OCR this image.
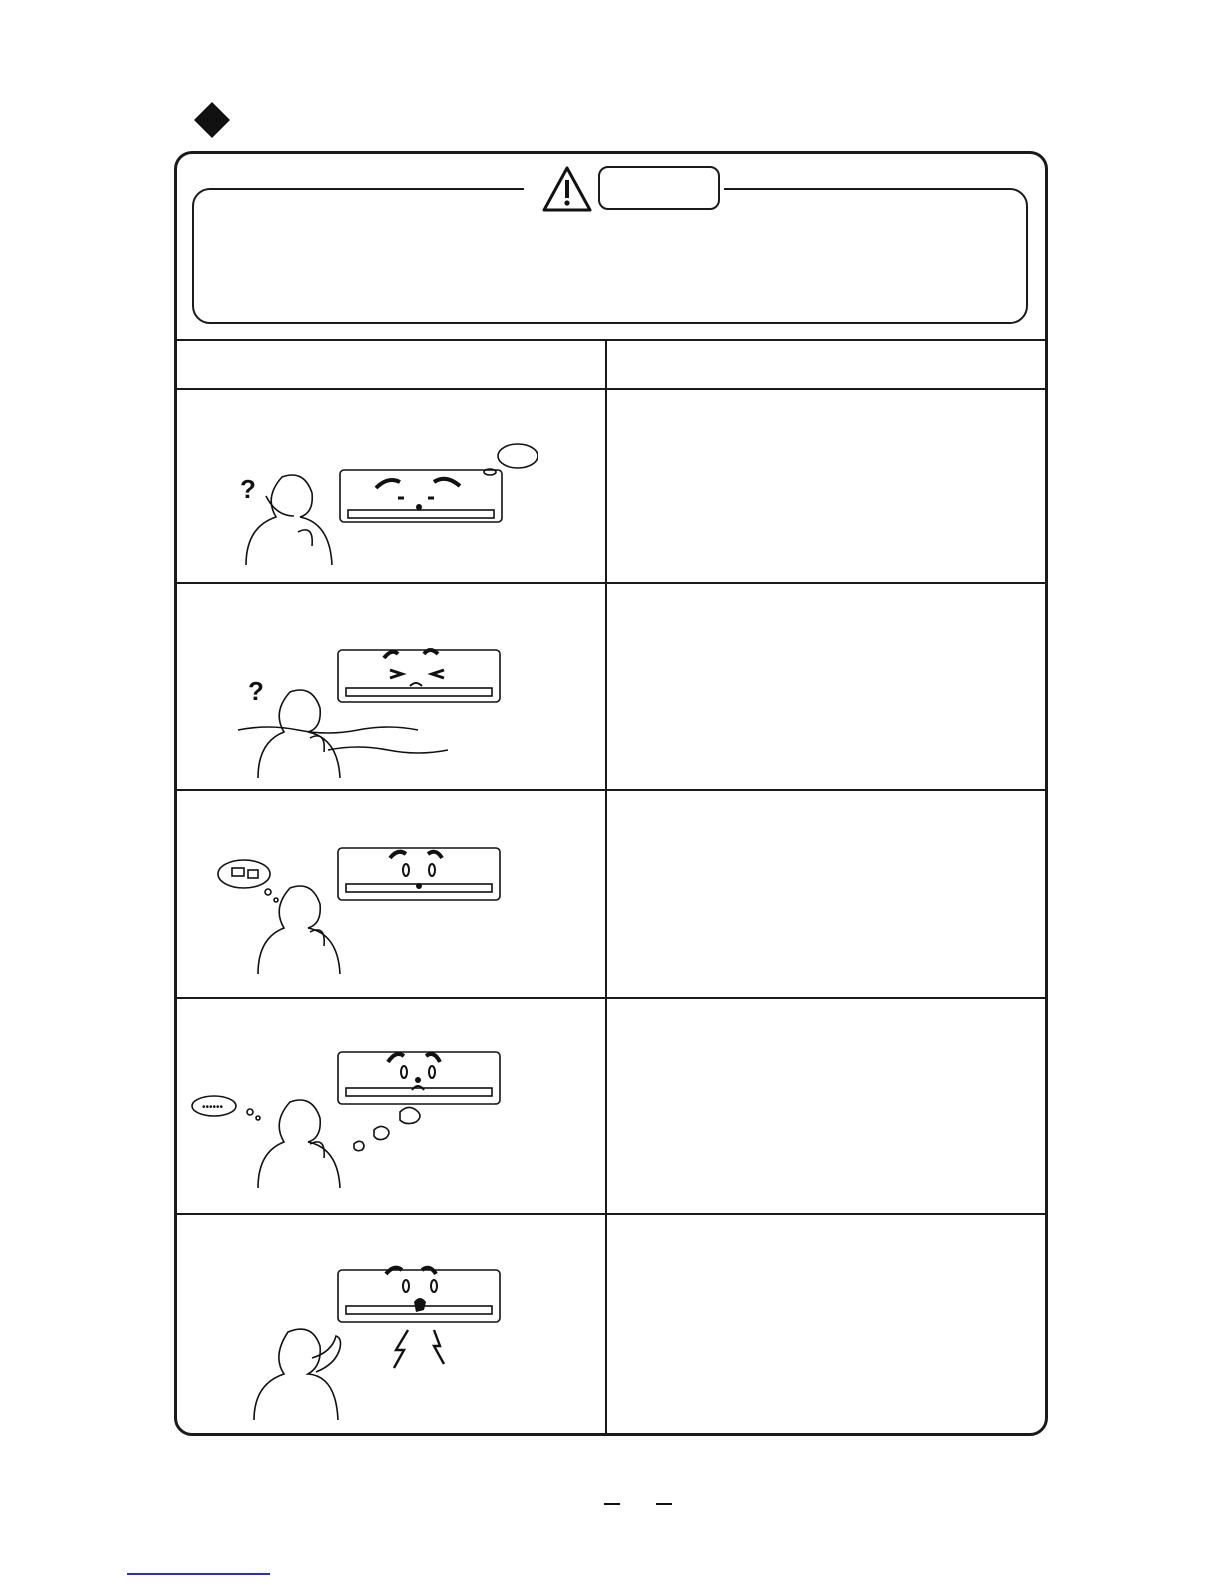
?
?
••••••
